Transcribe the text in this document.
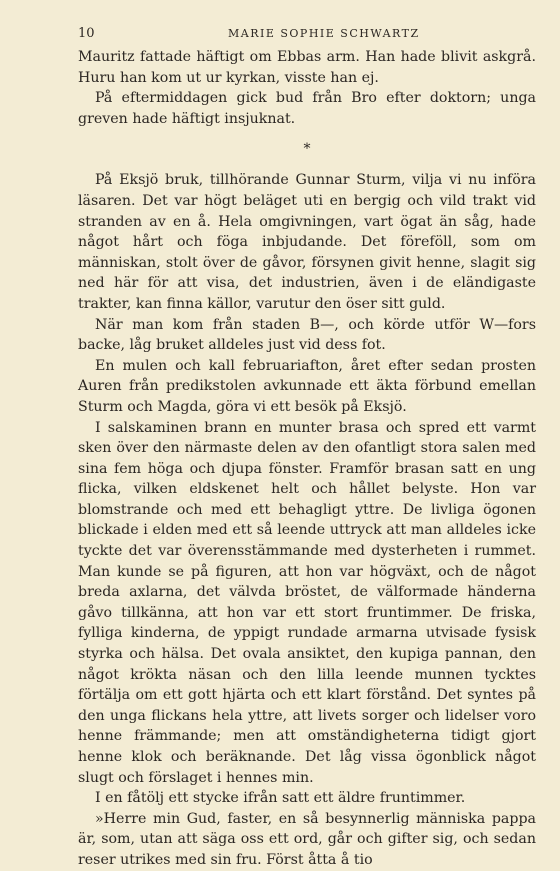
10	MARIE SOPHIE SCHWARTZ

Mauritz fattade häftigt om Ebbas arm. Han hade blivit askgrå. Huru han kom ut ur kyrkan, visste han ej.

På eftermiddagen gick bud från Bro efter doktorn; unga greven hade häftigt insjuknat.

*

På Eksjö bruk, tillhörande Gunnar Sturm, vilja vi nu införa läsaren. Det var högt beläget uti en bergig och vild trakt vid stranden av en å. Hela omgivningen, vart ögat än såg, hade något hårt och föga inbjudande. Det föreföll, som om människan, stolt över de gåvor, försynen givit henne, slagit sig ned här för att visa, det industrien, även i de eländigaste trakter, kan finna källor, varutur den öser sitt guld.

När man kom från staden B—, och körde utför W—fors backe, låg bruket alldeles just vid dess fot.

En mulen och kall februariafton, året efter sedan prosten Auren från predikstolen avkunnade ett äkta förbund emellan Sturm och Magda, göra vi ett besök på Eksjö.

I salskaminen brann en munter brasa och spred ett varmt sken över den närmaste delen av den ofantligt stora salen med sina fem höga och djupa fönster. Framför brasan satt en ung flicka, vilken eldskenet helt och hållet belyste. Hon var blomstrande och med ett behagligt yttre. De livliga ögonen blickade i elden med ett så leende uttryck att man alldeles icke tyckte det var överensstämmande med dysterheten i rummet. Man kunde se på figuren, att hon var högväxt, och de något breda axlarna, det välvda bröstet, de välformade händerna gåvo tillkänna, att hon var ett stort fruntimmer. De friska, fylliga kinderna, de yppigt rundade armarna utvisade fysisk styrka och hälsa. Det ovala ansiktet, den kupiga pannan, den något krökta näsan och den lilla leende munnen tycktes förtälja om ett gott hjärta och ett klart förstånd. Det syntes på den unga flickans hela yttre, att livets sorger och lidelser voro henne främmande; men att omständigheterna tidigt gjort henne klok och beräknande. Det låg vissa ögonblick något slugt och förslaget i hennes min.

I en fåtölj ett stycke ifrån satt ett äldre fruntimmer.

»Herre min Gud, faster, en så besynnerlig människa pappa är, som, utan att säga oss ett ord, går och gifter sig, och sedan reser utrikes med sin fru. Först åtta å tio
